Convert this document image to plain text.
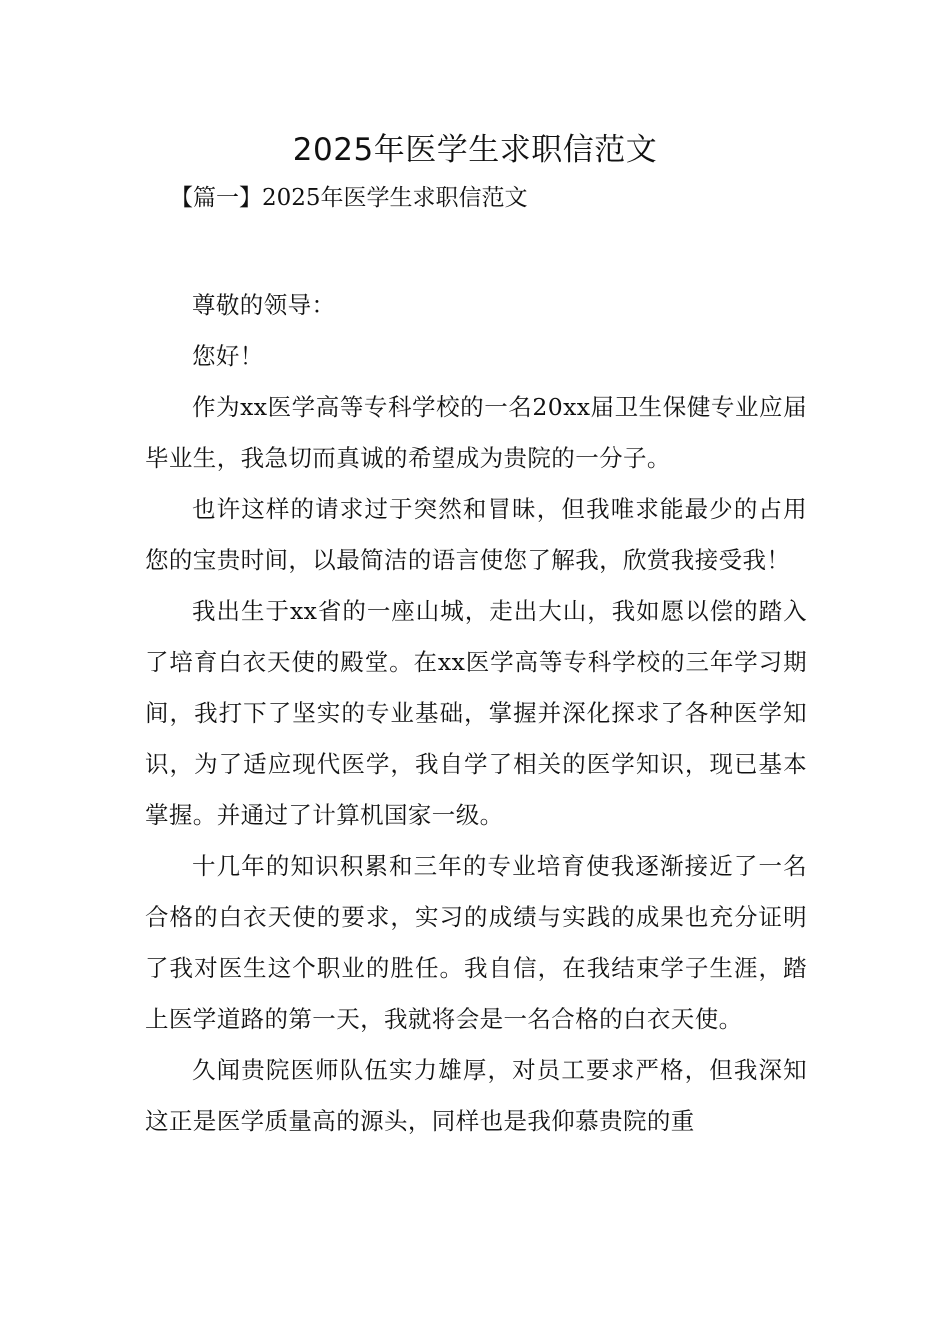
2025年医学生求职信范文

【篇一】2025年医学生求职信范文

尊敬的领导：

您好！

作为xx医学高等专科学校的一名20xx届卫生保健专业应届毕业生，我急切而真诚的希望成为贵院的一分子。

也许这样的请求过于突然和冒昧，但我唯求能最少的占用您的宝贵时间，以最简洁的语言使您了解我，欣赏我接受我！

我出生于xx省的一座山城，走出大山，我如愿以偿的踏入了培育白衣天使的殿堂。在xx医学高等专科学校的三年学习期间，我打下了坚实的专业基础，掌握并深化探求了各种医学知识，为了适应现代医学，我自学了相关的医学知识，现已基本掌握。并通过了计算机国家一级。

十几年的知识积累和三年的专业培育使我逐渐接近了一名合格的白衣天使的要求，实习的成绩与实践的成果也充分证明了我对医生这个职业的胜任。我自信，在我结束学子生涯，踏上医学道路的第一天，我就将会是一名合格的白衣天使。

久闻贵院医师队伍实力雄厚，对员工要求严格，但我深知这正是医学质量高的源头，同样也是我仰慕贵院的重
